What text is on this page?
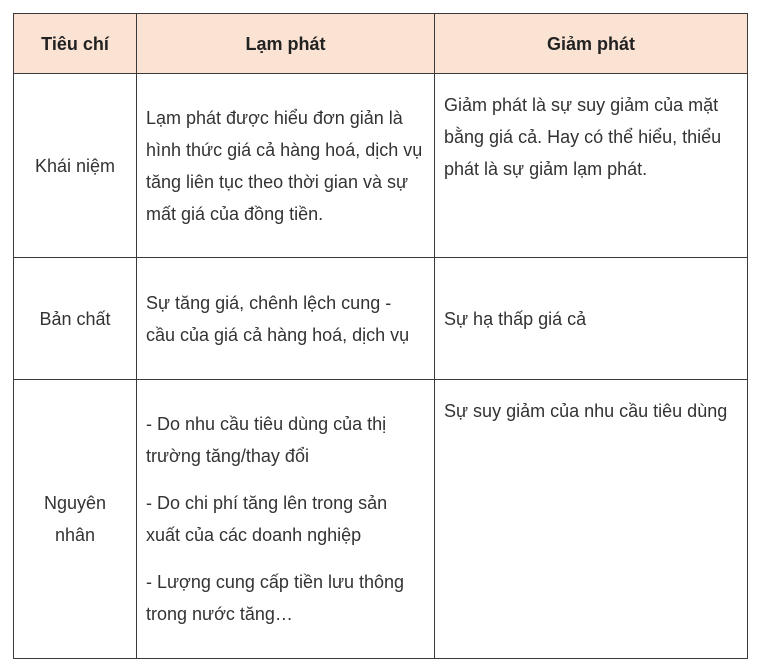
Tiêu chí	Lạm phát	Giảm phát
Khái niệm	Lạm phát được hiểu đơn giản là hình thức giá cả hàng hoá, dịch vụ tăng liên tục theo thời gian và sự mất giá của đồng tiền.	Giảm phát là sự suy giảm của mặt bằng giá cả. Hay có thể hiểu, thiểu phát là sự giảm lạm phát.
Bản chất	Sự tăng giá, chênh lệch cung - cầu của giá cả hàng hoá, dịch vụ	Sự hạ thấp giá cả
Nguyên nhân	- Do nhu cầu tiêu dùng của thị trường tăng/thay đổi

- Do chi phí tăng lên trong sản xuất của các doanh nghiệp

- Lượng cung cấp tiền lưu thông trong nước tăng…	Sự suy giảm của nhu cầu tiêu dùng
